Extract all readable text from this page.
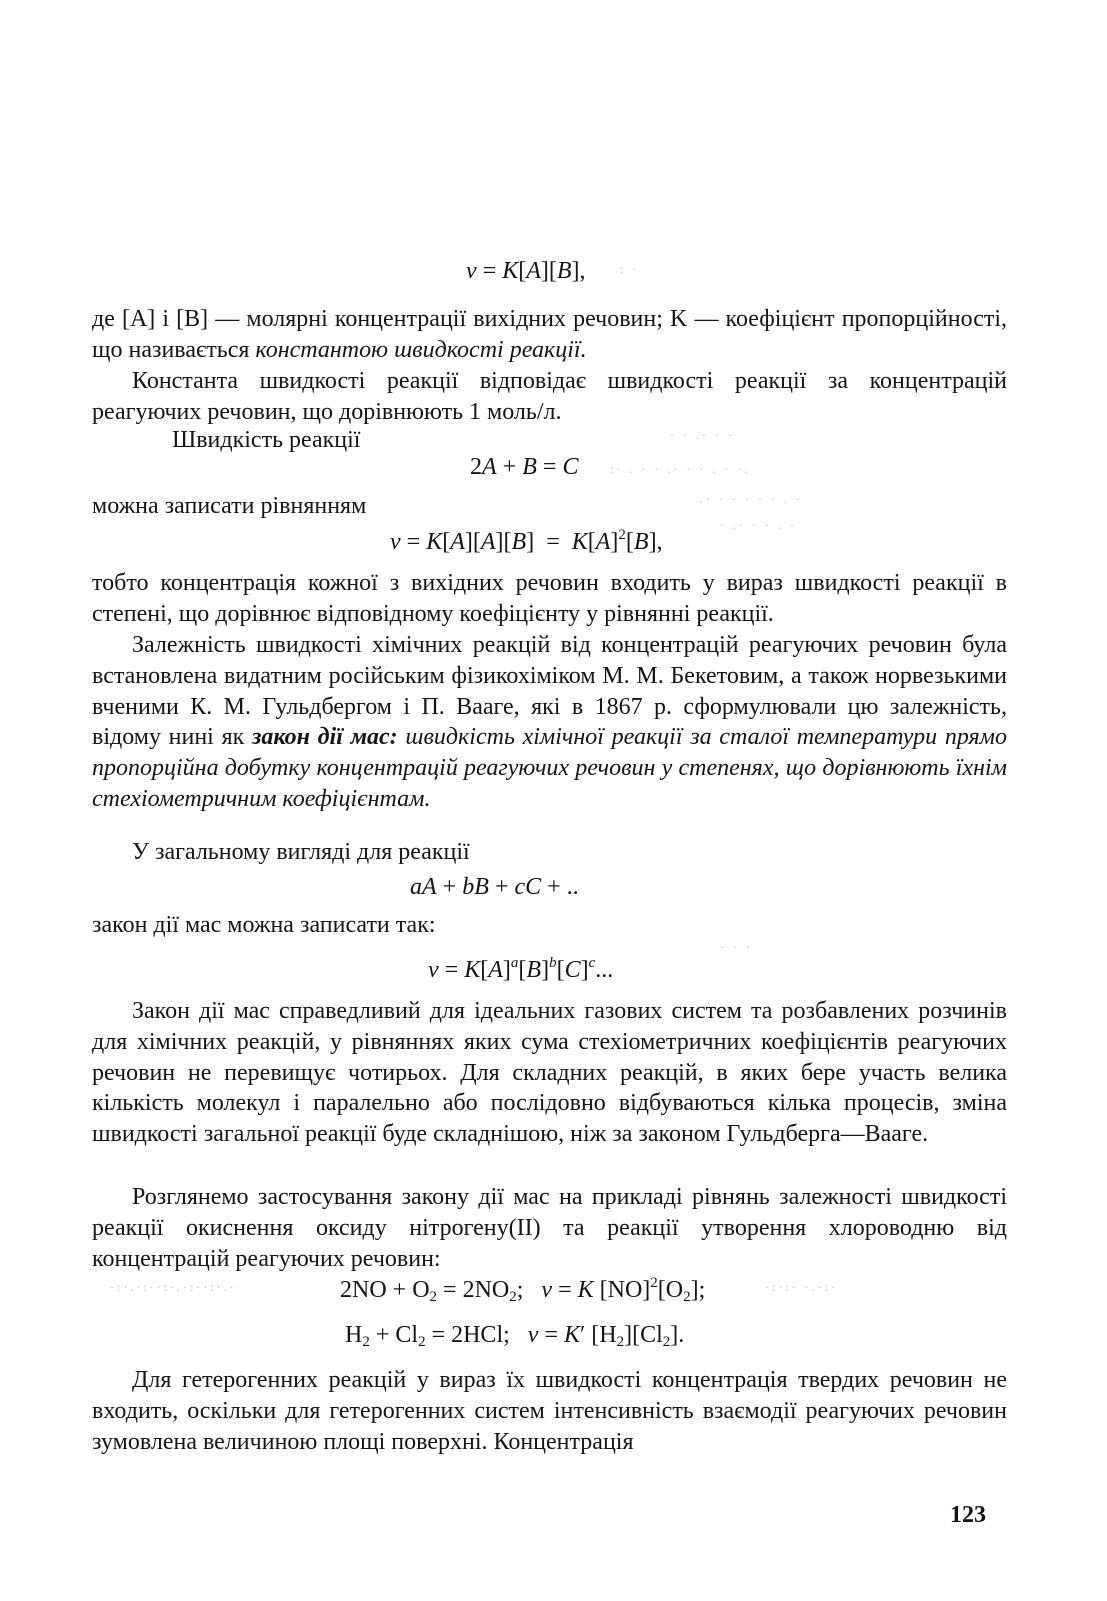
v = K[A][B],

де [A] і [B] — молярні концентрації вихідних речовин; K — коефіцієнт пропорційності, що називається константою швидкості реакції.

Константа швидкості реакції відповідає швидкості реакції за концентрацій реагуючих речовин, що дорівнюють 1 моль/л.

Швидкість реакції
2A + B = C
можна записати рівнянням
$v = K[A][A][B] = K[A]^2[B]$,

тобто концентрація кожної з вихідних речовин входить у вираз швидкості реакції в степені, що дорівнює відповідному коефіцієнту у рівнянні реакції.

Залежність швидкості хімічних реакцій від концентрацій реагуючих речовин була встановлена видатним російським фізикохіміком М. М. Бекетовим, а також норвезькими вченими К. М. Гульдбергом і П. Вааге, які в 1867 р. сформулювали цю залежність, відому нині як закон дії мас: швидкість хімічної реакції за сталої температури прямо пропорційна добутку концентрацій реагуючих речовин у степенях, що дорівнюють їхнім стехіометричним коефіцієнтам.

У загальному вигляді для реакції
aA + bB + cC + ..
закон дії мас можна записати так:
$v = K[A]^a[B]^b[C]^c$...

Закон дії мас справедливий для ідеальних газових систем та розбавлених розчинів для хімічних реакцій, у рівняннях яких сума стехіометричних коефіцієнтів реагуючих речовин не перевищує чотирьох. Для складних реакцій, в яких бере участь велика кількість молекул і паралельно або послідовно відбуваються кілька процесів, зміна швидкості загальної реакції буде складнішою, ніж за законом Гульдберга—Вааге.

Розглянемо застосування закону дії мас на прикладі рівнянь залежності швидкості реакції окиснення оксиду нітрогену(II) та реакції утворення хлороводню від концентрацій реагуючих речовин:

$2NO + O_2 = 2NO_2$;   v = K $[NO]^2[O_2]$;
$H_2 + Cl_2 = 2HCl$;   v = K′ $[H_2][Cl_2]$.

Для гетерогенних реакцій у вираз їх швидкості концентрація твердих речовин не входить, оскільки для гетерогенних систем інтенсивність взаємодії реагуючих речовин зумовлена величиною площі поверхні. Концентрація

123
: ·
· · .· · ·
:· . · · .· · · . · ·.
.· · · · · · . ·
· .· · · . ·
·:·.·:··:·.·:··:·.·	·:·:· ·.·:·
· · ·
